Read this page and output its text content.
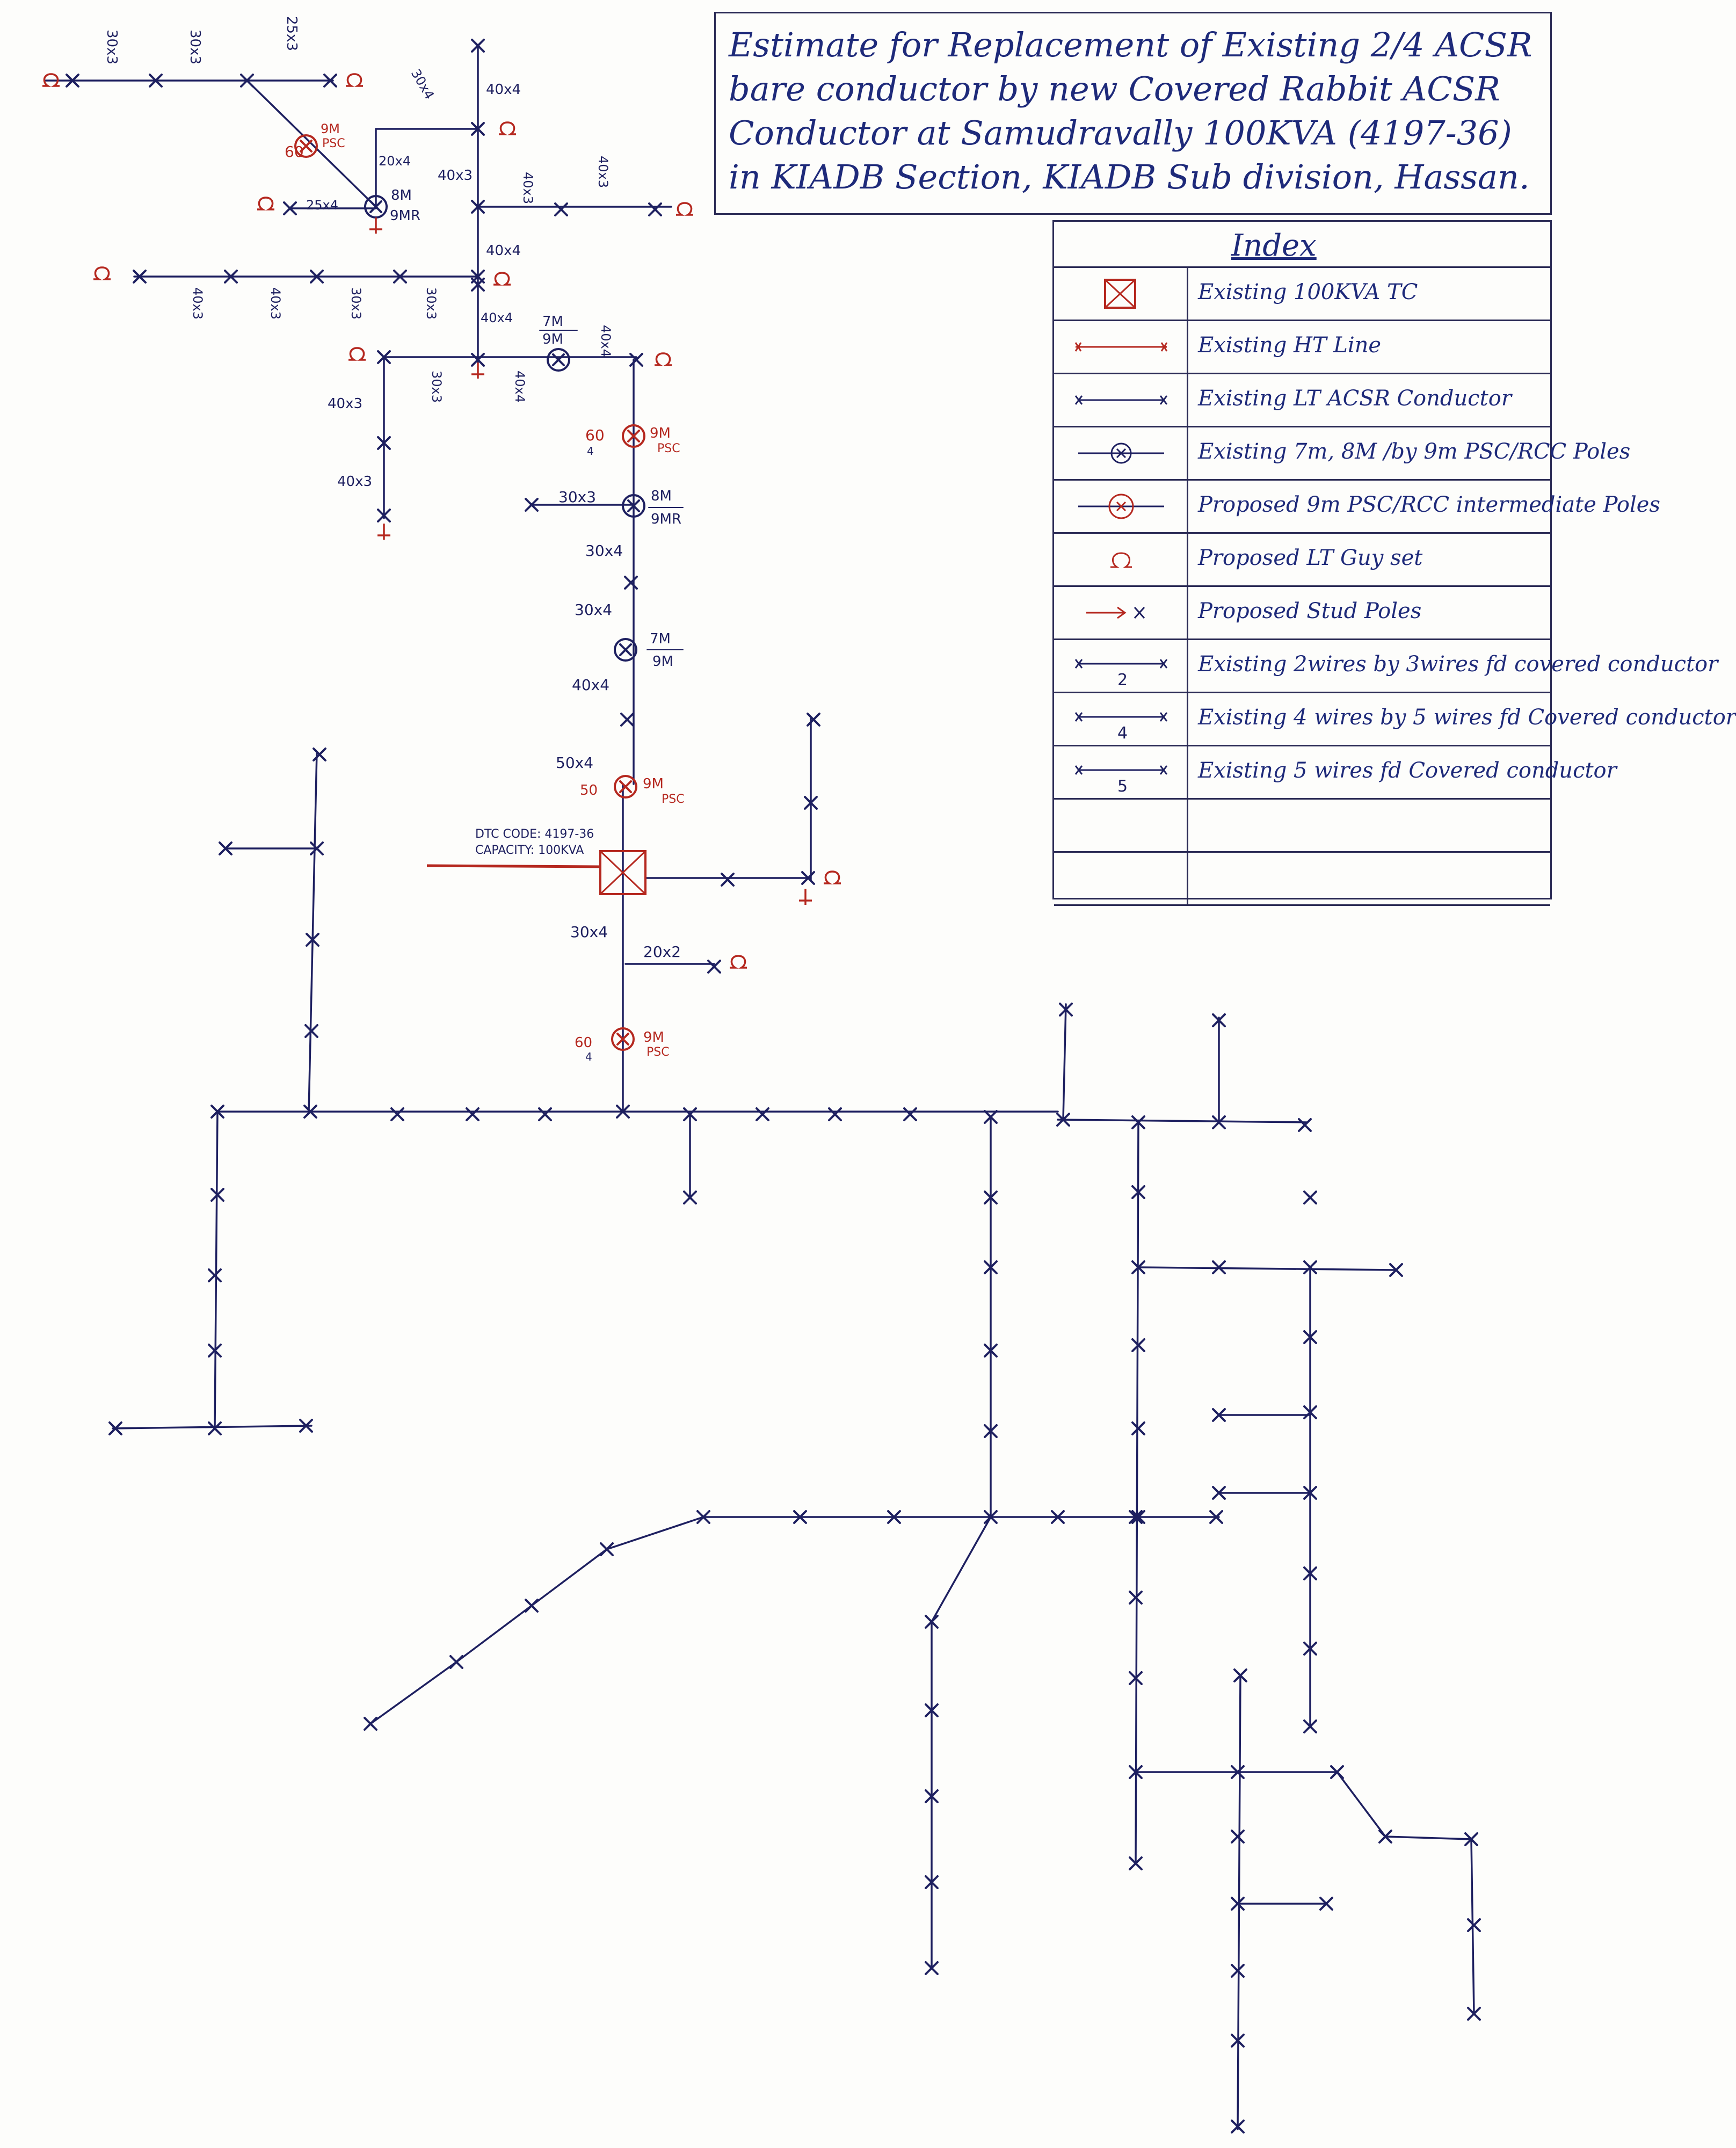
30x3	30x3	25x3
60
9M
PSC
8M
9MR
20x4
30x4
25x4
40x4
40x3	40x3	40x3
40x4
40x3	40x3	30x3	30x3	40x4 7M
9M	40x4
40x4
30x3
40x3
40x3
60
4
9M
PSC
30x3	8M
9MR
30x4
30x4
7M
9M
40x4
50x4
50	9M
PSC
DTC CODE: 4197-36
CAPACITY: 100KVA
30x4
20x2
60
4
9M
PSC
Estimate for Replacement of Existing 2/4 ACSR bare conductor by new Covered Rabbit ACSR Conductor at Samudravally 100KVA (4197-36) in KIADB Section, KIADB Sub division, Hassan.
Index
Existing 100KVA TC
Existing HT Line
Existing LT ACSR Conductor
Existing 7m, 8M /by 9m PSC/RCC Poles
Proposed 9m PSC/RCC intermediate Poles
Proposed LT Guy set
Proposed Stud Poles
2
Existing 2wires by 3wires fd covered conductor
4
Existing 4 wires by 5 wires fd Covered conductor
5
Existing 5 wires fd Covered conductor
